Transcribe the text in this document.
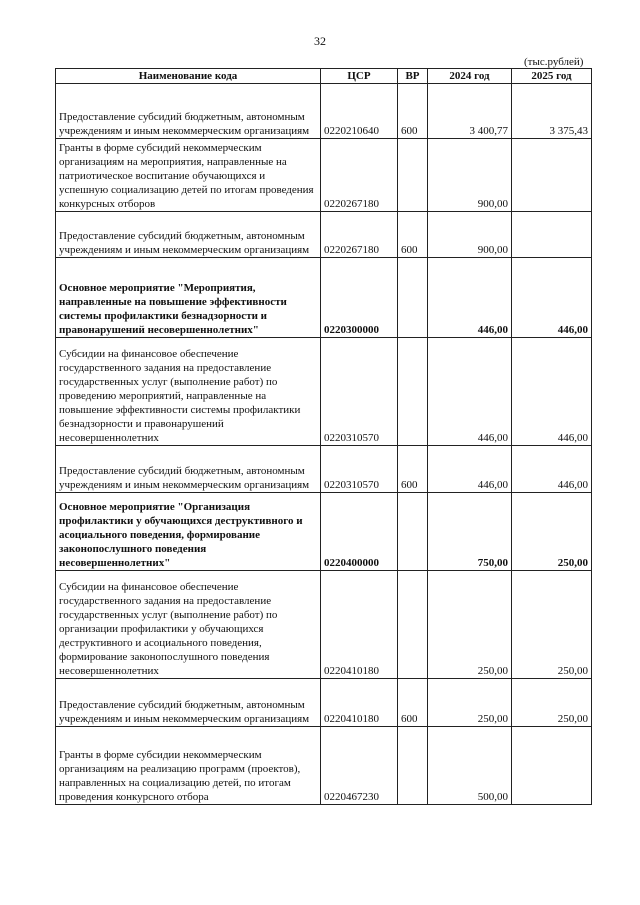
32
(тыс.рублей)
Наименование кода	ЦСР	ВР	2024 год	2025 год
Предоставление субсидий бюджетным, автономным учреждениям и иным некоммерческим организациям	0220210640	600	3 400,77	3 375,43
Гранты в форме субсидий некоммерческим организациям на мероприятия, направленные на патриотическое воспитание обучающихся и успешную социализацию детей по итогам проведения конкурсных отборов	0220267180		900,00	
Предоставление субсидий бюджетным, автономным учреждениям и иным некоммерческим организациям	0220267180	600	900,00	

Основное мероприятие "Мероприятия, направленные на повышение эффективности системы профилактики безнадзорности и правонарушений несовершеннолетних"	0220300000		446,00	446,00
Субсидии на финансовое обеспечение государственного задания на предоставление государственных услуг (выполнение работ) по проведению мероприятий, направленные на повышение эффективности системы профилактики безнадзорности и правонарушений несовершеннолетних	0220310570		446,00	446,00
Предоставление субсидий бюджетным, автономным учреждениям и иным некоммерческим организациям	0220310570	600	446,00	446,00
Основное мероприятие "Организация профилактики у обучающихся деструктивного и асоциального поведения, формирование законопослушного поведения несовершеннолетних"	0220400000		750,00	250,00
Субсидии на финансовое обеспечение государственного задания на предоставление государственных услуг (выполнение работ) по организации профилактики у обучающихся деструктивного и асоциального поведения, формирование законопослушного поведения несовершеннолетних	0220410180		250,00	250,00
Предоставление субсидий бюджетным, автономным учреждениям и иным некоммерческим организациям	0220410180	600	250,00	250,00

Гранты в форме субсидии некоммерческим организациям на реализацию программ (проектов), направленных на социализацию детей, по итогам проведения конкурсного отбора	0220467230		500,00	
